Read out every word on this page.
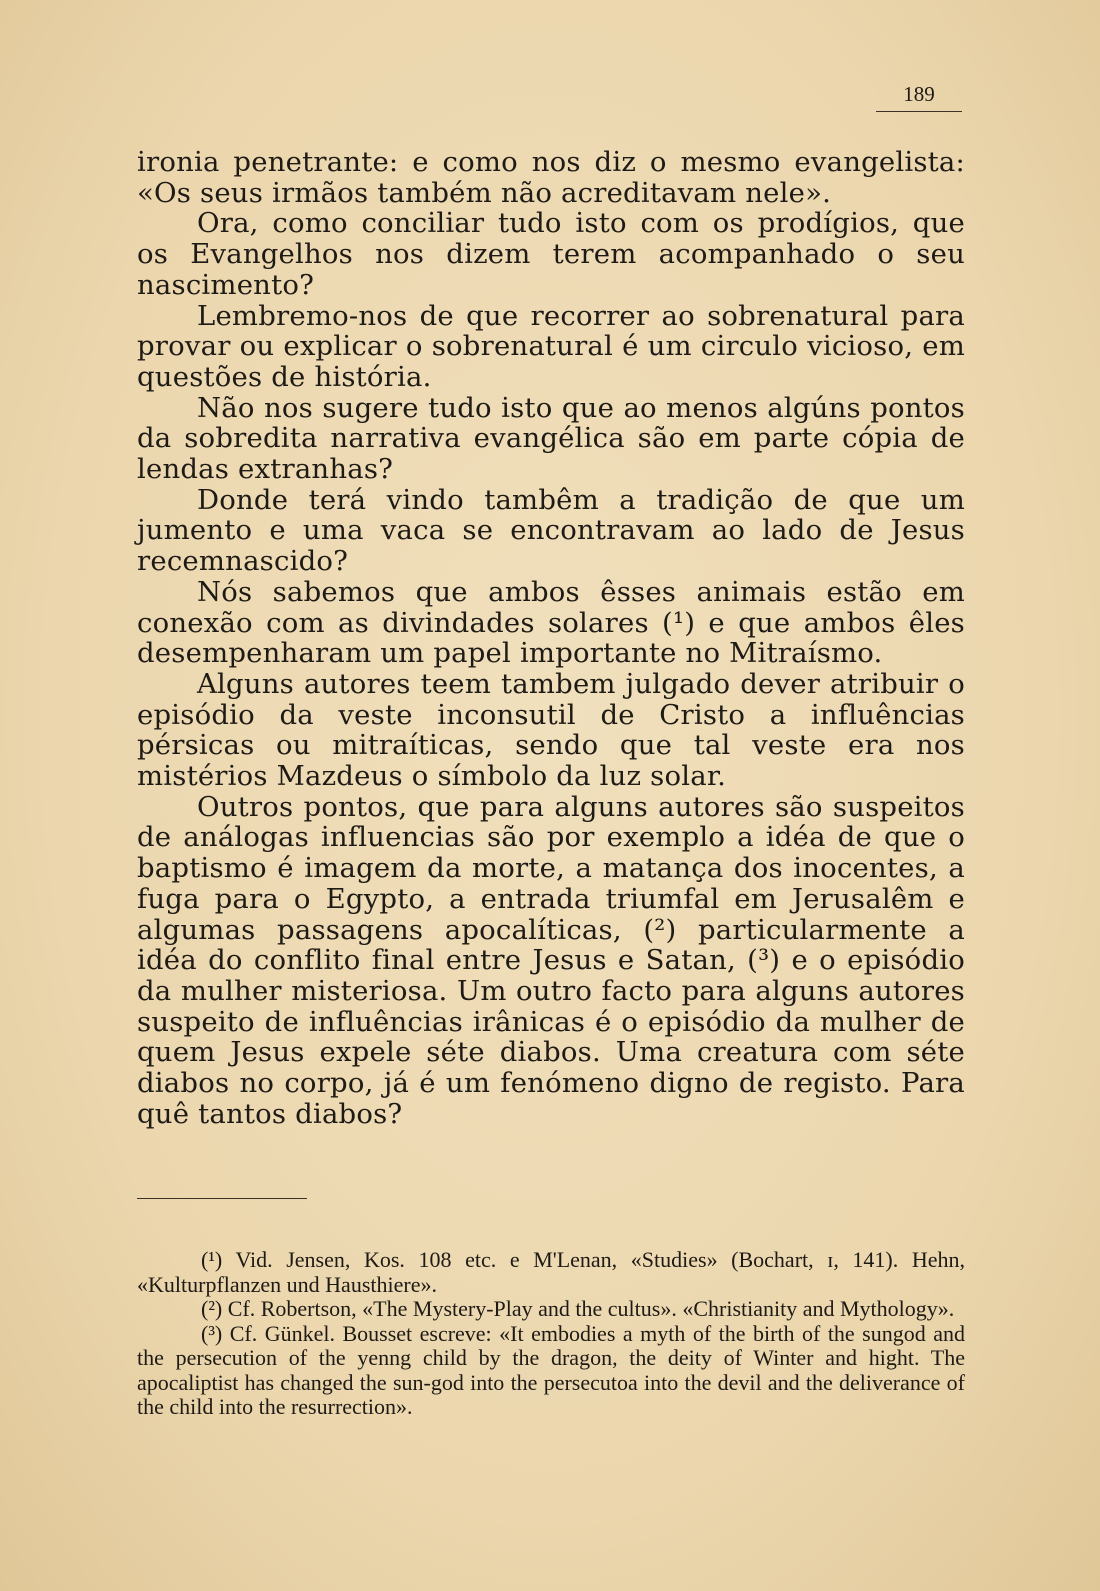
189

ironia penetrante: e como nos diz o mesmo evangelista: «Os seus irmãos também não acreditavam nele».

Ora, como conciliar tudo isto com os prodígios, que os Evangelhos nos dizem terem acompanhado o seu nascimento?

Lembremo-nos de que recorrer ao sobrenatural para provar ou explicar o sobrenatural é um circulo vicioso, em questões de história.

Não nos sugere tudo isto que ao menos algúns pontos da sobredita narrativa evangélica são em parte cópia de lendas extranhas?

Donde terá vindo tambêm a tradição de que um jumento e uma vaca se encontravam ao lado de Jesus recemnascido?

Nós sabemos que ambos êsses animais estão em conexão com as divindades solares (¹) e que ambos êles desempenharam um papel importante no Mitraísmo.

Alguns autores teem tambem julgado dever atribuir o episódio da veste inconsutil de Cristo a influências pérsicas ou mitraíticas, sendo que tal veste era nos mistérios Mazdeus o símbolo da luz solar.

Outros pontos, que para alguns autores são suspeitos de análogas influencias são por exemplo a idéa de que o baptismo é imagem da morte, a matança dos inocentes, a fuga para o Egypto, a entrada triumfal em Jerusalêm e algumas passagens apocalíticas, (²) particularmente a idéa do conflito final entre Jesus e Satan, (³) e o episódio da mulher misteriosa. Um outro facto para alguns autores suspeito de influências irânicas é o episódio da mulher de quem Jesus expele séte diabos. Uma creatura com séte diabos no corpo, já é um fenómeno digno de registo. Para quê tantos diabos?

(¹) Vid. Jensen, Kos. 108 etc. e M'Lenan, «Studies» (Bochart, ɪ, 141). Hehn, «Kulturpflanzen und Hausthiere».

(²) Cf. Robertson, «The Mystery-Play and the cultus». «Christianity and Mythology».

(³) Cf. Günkel. Bousset escreve: «It embodies a myth of the birth of the sungod and the persecution of the yenng child by the dragon, the deity of Winter and hight. The apocaliptist has changed the sun-god into the persecutoa into the devil and the deliverance of the child into the resurrection».
